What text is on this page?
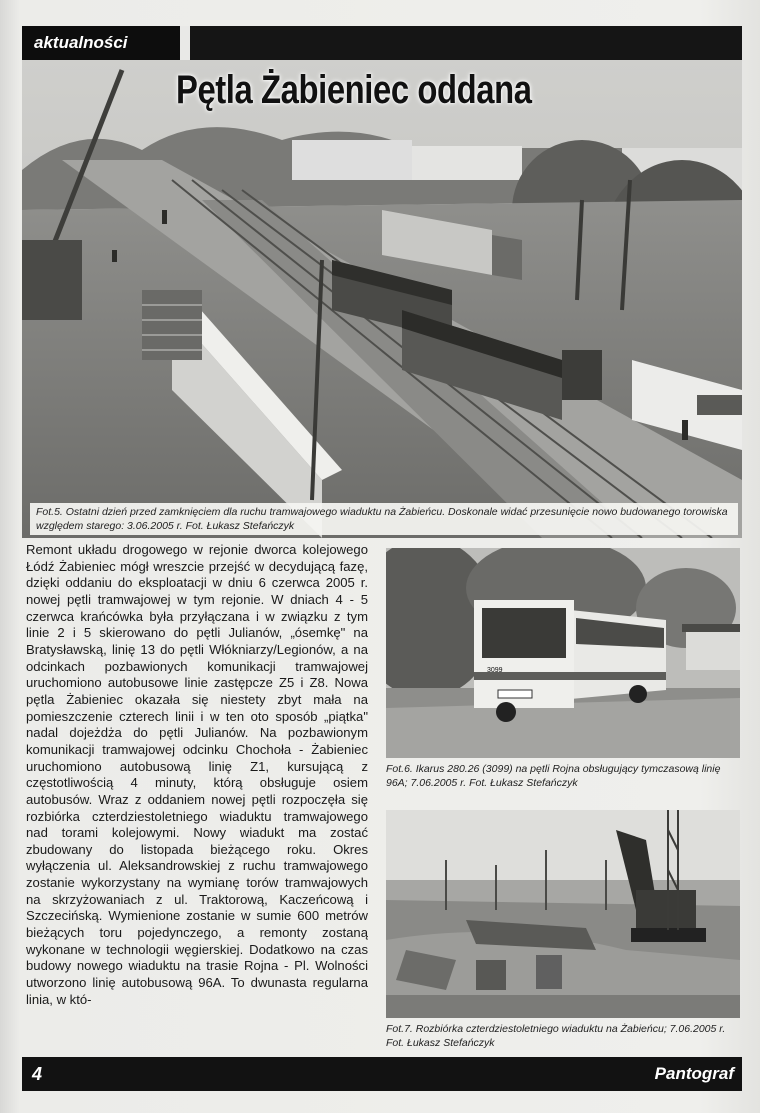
aktualności
Pętla Żabieniec oddana
Fot.5. Ostatni dzień przed zamknięciem dla ruchu tramwajowego wiaduktu na Żabieńcu. Doskonale widać przesunięcie nowo budowanego torowiska względem starego: 3.06.2005 r. Fot. Łukasz Stefańczyk

Remont układu drogowego w rejonie dworca kolejowego Łódź Żabieniec mógł wreszcie przejść w decydującą fazę, dzięki oddaniu do eksploatacji w dniu 6 czerwca 2005 r. nowej pętli tramwajowej w tym rejonie. W dniach 4 - 5 czerwca krańcówka była przyłączana i w związku z tym linie 2 i 5 skierowano do pętli Julianów, „ósemkę" na Bratysławską, linię 13 do pętli Włókniarzy/Legionów, a na odcinkach pozbawionych komunikacji tramwajowej uruchomiono autobusowe linie zastępcze Z5 i Z8. Nowa pętla Żabieniec okazała się niestety zbyt mała na pomieszczenie czterech linii i w ten oto sposób „piątka" nadal dojeżdża do pętli Julianów. Na pozbawionym komunikacji tramwajowej odcinku Chochoła - Żabieniec uruchomiono autobusową linię Z1, kursującą z częstotliwością 4 minuty, którą obsługuje osiem autobusów. Wraz z oddaniem nowej pętli rozpoczęła się rozbiórka czterdziestoletniego wiaduktu tramwajowego nad torami kolejowymi. Nowy wiadukt ma zostać zbudowany do listopada bieżącego roku. Okres wyłączenia ul. Aleksandrowskiej z ruchu tramwajowego zostanie wykorzystany na wymianę torów tramwajowych na skrzyżowaniach z ul. Traktorową, Kaczeńcową i Szczecińską. Wymienione zostanie w sumie 600 metrów bieżących toru pojedynczego, a remonty zostaną wykonane w technologii węgierskiej. Dodatkowo na czas budowy nowego wiaduktu na trasie Rojna - Pl. Wolności utworzono linię autobusową 96A. To dwunasta regularna linia, w któ-

3099
Fot.6. Ikarus 280.26 (3099) na pętli Rojna obsługujący tymczasową linię 96A; 7.06.2005 r. Fot. Łukasz Stefańczyk
Fot.7. Rozbiórka czterdziestoletniego wiaduktu na Żabieńcu; 7.06.2005 r. Fot. Łukasz Stefańczyk
4	Pantograf
